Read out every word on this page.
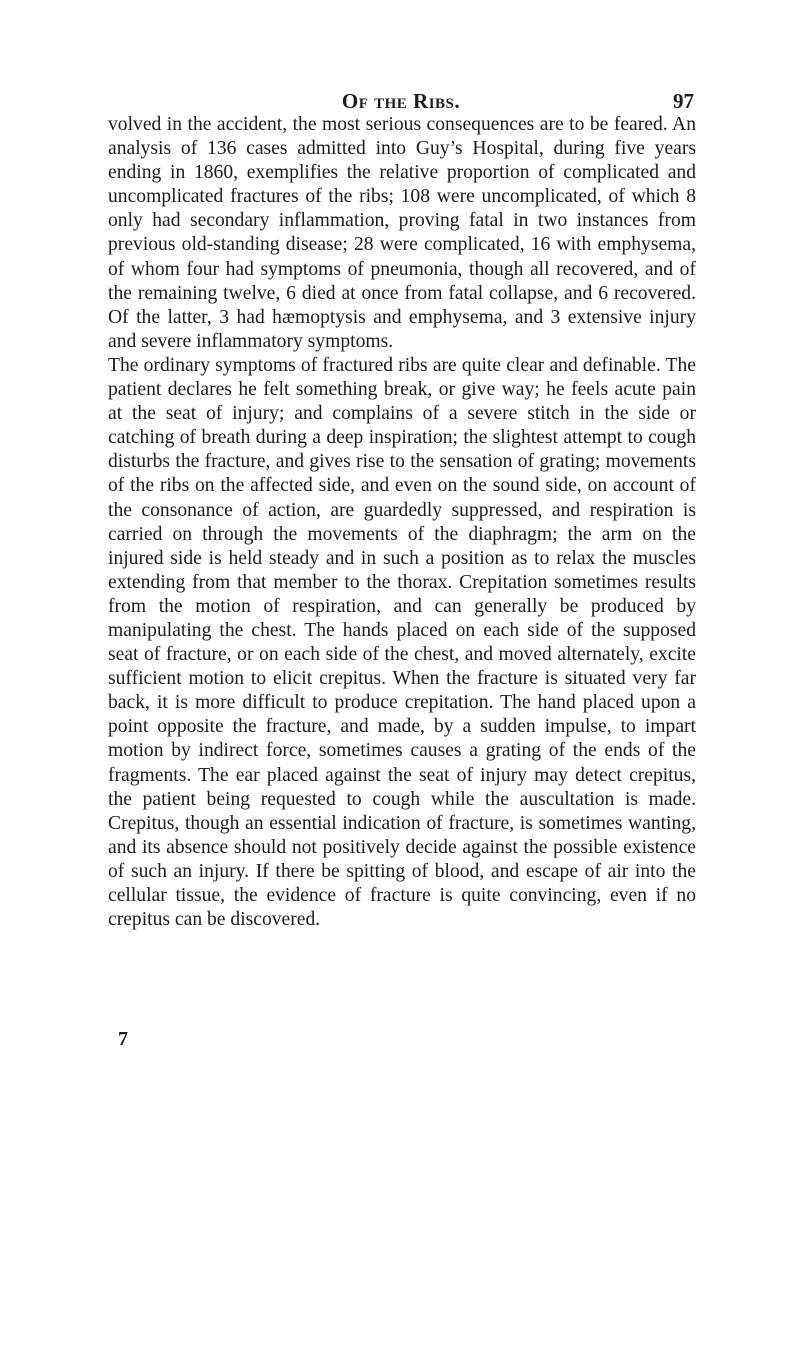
Of the Ribs.	97

volved in the accident, the most serious consequences are to be feared. An analysis of 136 cases admitted into Guy’s Hospital, during five years ending in 1860, exemplifies the relative proportion of complicated and uncomplicated fractures of the ribs; 108 were uncomplicated, of which 8 only had secondary inflammation, proving fatal in two instances from previous old-standing disease; 28 were complicated, 16 with emphysema, of whom four had symptoms of pneumonia, though all recovered, and of the remaining twelve, 6 died at once from fatal collapse, and 6 recovered. Of the latter, 3 had hæmoptysis and emphysema, and 3 extensive injury and severe inflammatory symptoms.

The ordinary symptoms of fractured ribs are quite clear and definable. The patient declares he felt something break, or give way; he feels acute pain at the seat of injury; and complains of a severe stitch in the side or catching of breath during a deep inspiration; the slightest attempt to cough disturbs the fracture, and gives rise to the sensation of grating; movements of the ribs on the affected side, and even on the sound side, on account of the consonance of action, are guardedly suppressed, and respiration is carried on through the movements of the diaphragm; the arm on the injured side is held steady and in such a position as to relax the muscles extending from that member to the thorax. Crepitation sometimes results from the motion of respiration, and can generally be produced by manipulating the chest. The hands placed on each side of the supposed seat of fracture, or on each side of the chest, and moved alternately, excite sufficient motion to elicit crepitus. When the fracture is situated very far back, it is more difficult to produce crepitation. The hand placed upon a point opposite the fracture, and made, by a sudden impulse, to impart motion by indirect force, sometimes causes a grating of the ends of the fragments. The ear placed against the seat of injury may detect crepitus, the patient being requested to cough while the auscultation is made. Crepitus, though an essential indication of fracture, is sometimes wanting, and its absence should not positively decide against the possible existence of such an injury. If there be spitting of blood, and escape of air into the cellular tissue, the evidence of fracture is quite convincing, even if no crepitus can be discovered.

7
